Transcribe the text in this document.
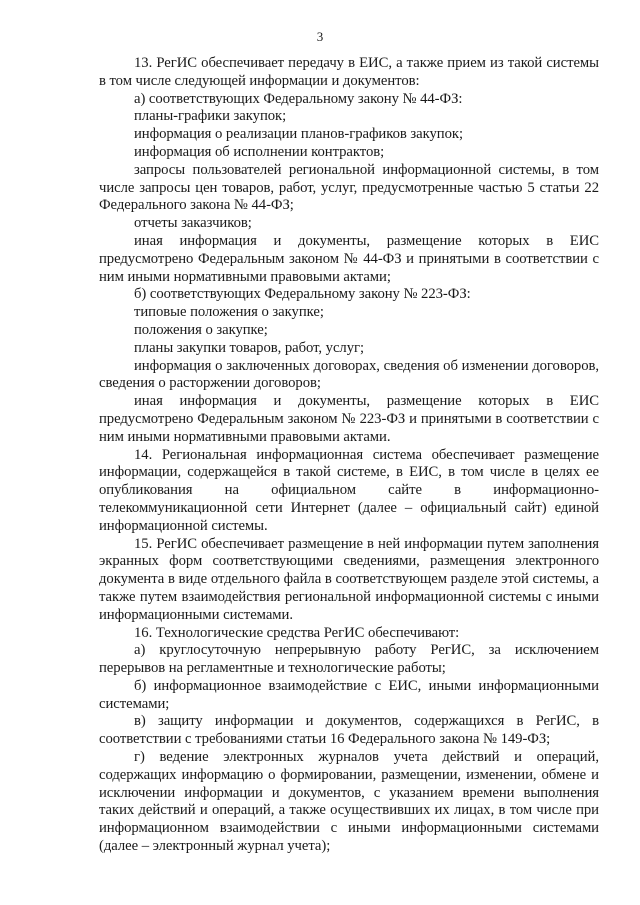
3

13. РегИС обеспечивает передачу в ЕИС, а также прием из такой системы в том числе следующей информации и документов:

а) соответствующих Федеральному закону № 44-ФЗ:

планы-графики закупок;

информация о реализации планов-графиков закупок;

информация об исполнении контрактов;

запросы пользователей региональной информационной системы, в том числе запросы цен товаров, работ, услуг, предусмотренные частью 5 статьи 22 Федерального закона № 44-ФЗ;

отчеты заказчиков;

иная информация и документы, размещение которых в ЕИС предусмотрено Федеральным законом № 44-ФЗ и принятыми в соответствии с ним иными нормативными правовыми актами;

б) соответствующих Федеральному закону № 223-ФЗ:

типовые положения о закупке;

положения о закупке;

планы закупки товаров, работ, услуг;

информация о заключенных договорах, сведения об изменении договоров, сведения о расторжении договоров;

иная информация и документы, размещение которых в ЕИС предусмотрено Федеральным законом № 223-ФЗ и принятыми в соответствии с ним иными нормативными правовыми актами.

14. Региональная информационная система обеспечивает размещение информации, содержащейся в такой системе, в ЕИС, в том числе в целях ее опубликования на официальном сайте в информационно-телекоммуникационной сети Интернет (далее – официальный сайт) единой информационной системы.

15. РегИС обеспечивает размещение в ней информации путем заполнения экранных форм соответствующими сведениями, размещения электронного документа в виде отдельного файла в соответствующем разделе этой системы, а также путем взаимодействия региональной информационной системы с иными информационными системами.

16. Технологические средства РегИС обеспечивают:

а) круглосуточную непрерывную работу РегИС, за исключением перерывов на регламентные и технологические работы;

б) информационное взаимодействие с ЕИС, иными информационными системами;

в) защиту информации и документов, содержащихся в РегИС, в соответствии с требованиями статьи 16 Федерального закона № 149-ФЗ;

г) ведение электронных журналов учета действий и операций, содержащих информацию о формировании, размещении, изменении, обмене и исключении информации и документов, с указанием времени выполнения таких действий и операций, а также осуществивших их лицах, в том числе при информационном взаимодействии с иными информационными системами (далее – электронный журнал учета);
